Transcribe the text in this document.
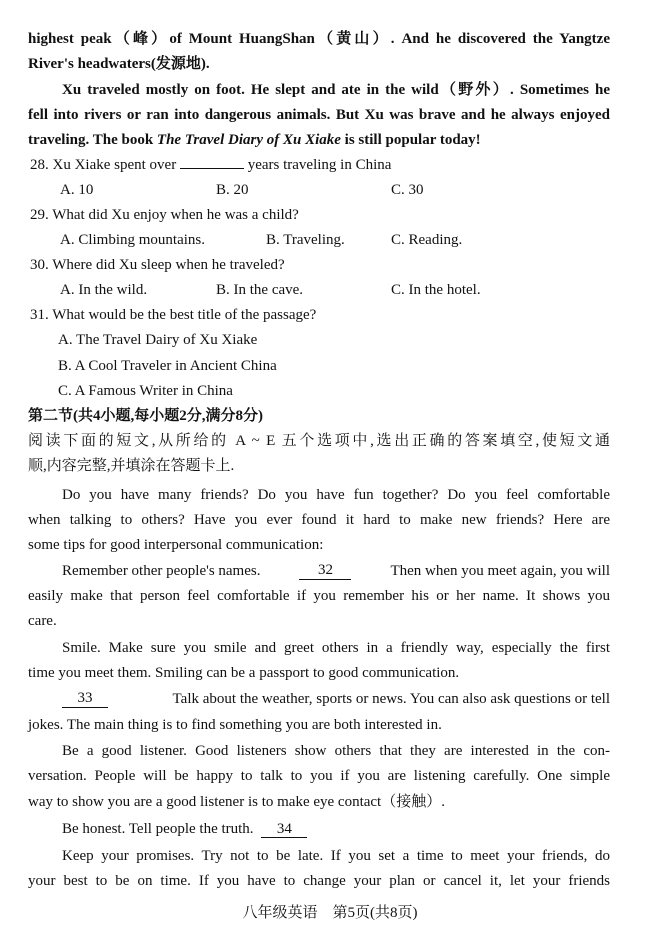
highest peak（峰）of Mount HuangShan（黄山）. And he discovered the Yangtze
River's headwaters(发源地).
Xu traveled mostly on foot. He slept and ate in the wild（野外）. Sometimes he
fell into rivers or ran into dangerous animals. But Xu was brave and he always enjoyed
traveling. The book The Travel Diary of Xu Xiake is still popular today!
28. Xu Xiake spent over	years traveling in China
A. 10	B. 20	C. 30
29. What did Xu enjoy when he was a child?
A. Climbing mountains.	B. Traveling.	C. Reading.
30. Where did Xu sleep when he traveled?
A. In the wild.	B. In the cave.	C. In the hotel.
31. What would be the best title of the passage?
A. The Travel Dairy of Xu Xiake
B. A Cool Traveler in Ancient China
C. A Famous Writer in China
第二节(共4小题,每小题2分,满分8分)
阅读下面的短文,从所给的 A ~ E 五个选项中,选出正确的答案填空,使短文通
顺,内容完整,并填涂在答题卡上.
Do you have many friends? Do you have fun together? Do you feel comfortable
when talking to others? Have you ever found it hard to make new friends? Here are
some tips for good interpersonal communication:
Remember other people's names.	32	Then when you meet again, you will
easily make that person feel comfortable if you remember his or her name. It shows you
care.
Smile. Make sure you smile and greet others in a friendly way, especially the first
time you meet them. Smiling can be a passport to good communication.
33	Talk about the weather, sports or news. You can also ask questions or tell
jokes. The main thing is to find something you are both interested in.
Be a good listener. Good listeners show others that they are interested in the con-
versation. People will be happy to talk to you if you are listening carefully. One simple
way to show you are a good listener is to make eye contact（接触）.
Be honest. Tell people the truth. 34
Keep your promises. Try not to be late. If you set a time to meet your friends, do
your best to be on time. If you have to change your plan or cancel it, let your friends
八年级英语　第5页(共8页)
